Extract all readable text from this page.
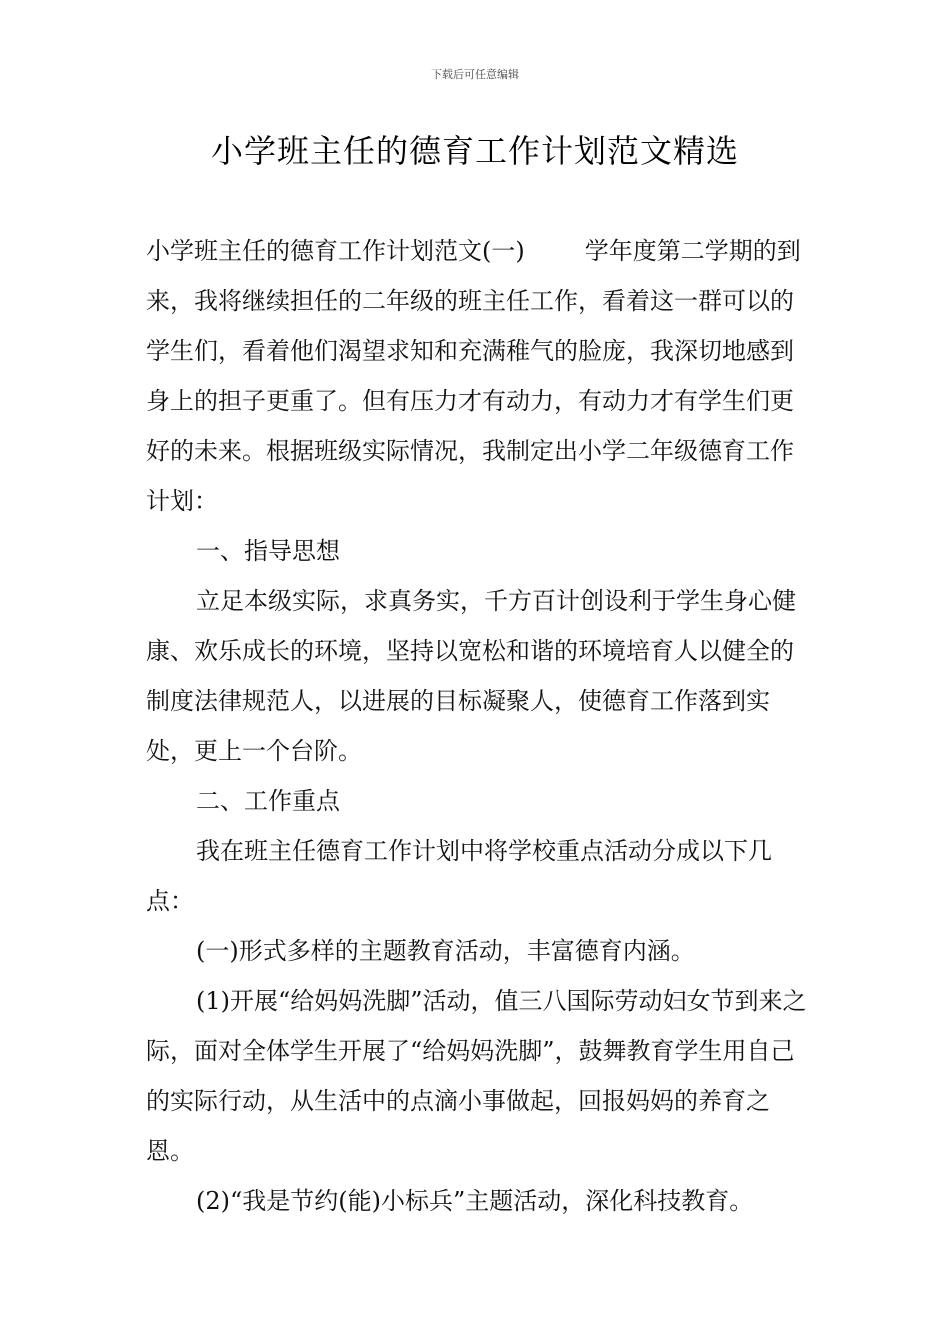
下载后可任意编辑
小学班主任的德育工作计划范文精选

小学班主任的德育工作计划范文(一)	学年度第二学期的到来，我将继续担任的二年级的班主任工作，看着这一群可以的学生们，看着他们渴望求知和充满稚气的脸庞，我深切地感到身上的担子更重了。但有压力才有动力，有动力才有学生们更好的未来。根据班级实际情况，我制定出小学二年级德育工作计划：

一、指导思想

立足本级实际，求真务实，千方百计创设利于学生身心健康、欢乐成长的环境，坚持以宽松和谐的环境培育人以健全的制度法律规范人，以进展的目标凝聚人，使德育工作落到实处，更上一个台阶。

二、工作重点

我在班主任德育工作计划中将学校重点活动分成以下几点：

(一)形式多样的主题教育活动，丰富德育内涵。

(1)开展“给妈妈洗脚”活动，值三八国际劳动妇女节到来之际，面对全体学生开展了“给妈妈洗脚”，鼓舞教育学生用自己的实际行动，从生活中的点滴小事做起，回报妈妈的养育之恩。

(2)“我是节约(能)小标兵”主题活动，深化科技教育。
